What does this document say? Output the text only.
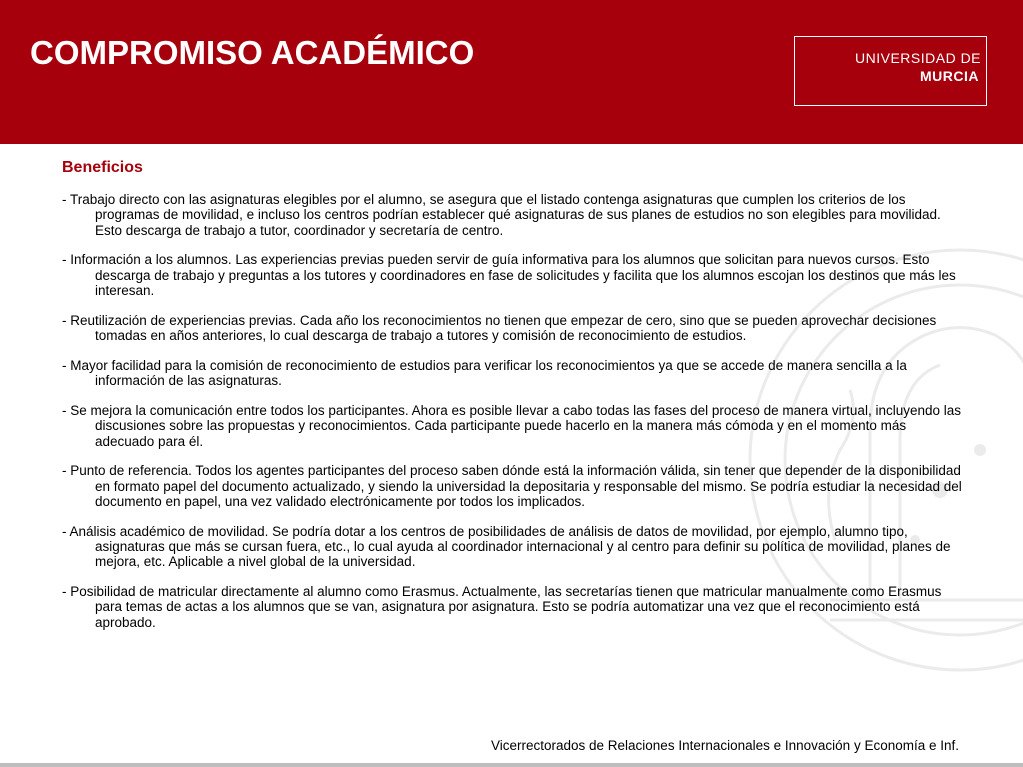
COMPROMISO ACADÉMICO	UNIVERSIDAD DE
MURCIA
Beneficios
- Trabajo directo con las asignaturas elegibles por el alumno, se asegura que el listado contenga asignaturas que cumplen los criterios de los programas de movilidad, e incluso los centros podrían establecer qué asignaturas de sus planes de estudios no son elegibles para movilidad. Esto descarga de trabajo a tutor, coordinador y secretaría de centro.
- Información a los alumnos. Las experiencias previas pueden servir de guía informativa para los alumnos que solicitan para nuevos cursos. Esto descarga de trabajo y preguntas a los tutores y coordinadores en fase de solicitudes y facilita que los alumnos escojan los destinos que más les interesan.
- Reutilización de experiencias previas. Cada año los reconocimientos no tienen que empezar de cero, sino que se pueden aprovechar decisiones tomadas en años anteriores, lo cual descarga de trabajo a tutores y comisión de reconocimiento de estudios.
- Mayor facilidad para la comisión de reconocimiento de estudios para verificar los reconocimientos ya que se accede de manera sencilla a la información de las asignaturas.
- Se mejora la comunicación entre todos los participantes. Ahora es posible llevar a cabo todas las fases del proceso de manera virtual, incluyendo las discusiones sobre las propuestas y reconocimientos. Cada participante puede hacerlo en la manera más cómoda y en el momento más adecuado para él.
- Punto de referencia. Todos los agentes participantes del proceso saben dónde está la información válida, sin tener que depender de la disponibilidad en formato papel del documento actualizado, y siendo la universidad la depositaria y responsable del mismo. Se podría estudiar la necesidad del documento en papel, una vez validado electrónicamente por todos los implicados.
- Análisis académico de movilidad. Se podría dotar a los centros de posibilidades de análisis de datos de movilidad, por ejemplo, alumno tipo, asignaturas que más se cursan fuera, etc., lo cual ayuda al coordinador internacional y al centro para definir su política de movilidad, planes de mejora, etc. Aplicable a nivel global de la universidad.
- Posibilidad de matricular directamente al alumno como Erasmus. Actualmente, las secretarías tienen que matricular manualmente como Erasmus para temas de actas a los alumnos que se van, asignatura por asignatura. Esto se podría automatizar una vez que el reconocimiento está aprobado.
Vicerrectorados de Relaciones Internacionales e Innovación y Economía e Inf.
